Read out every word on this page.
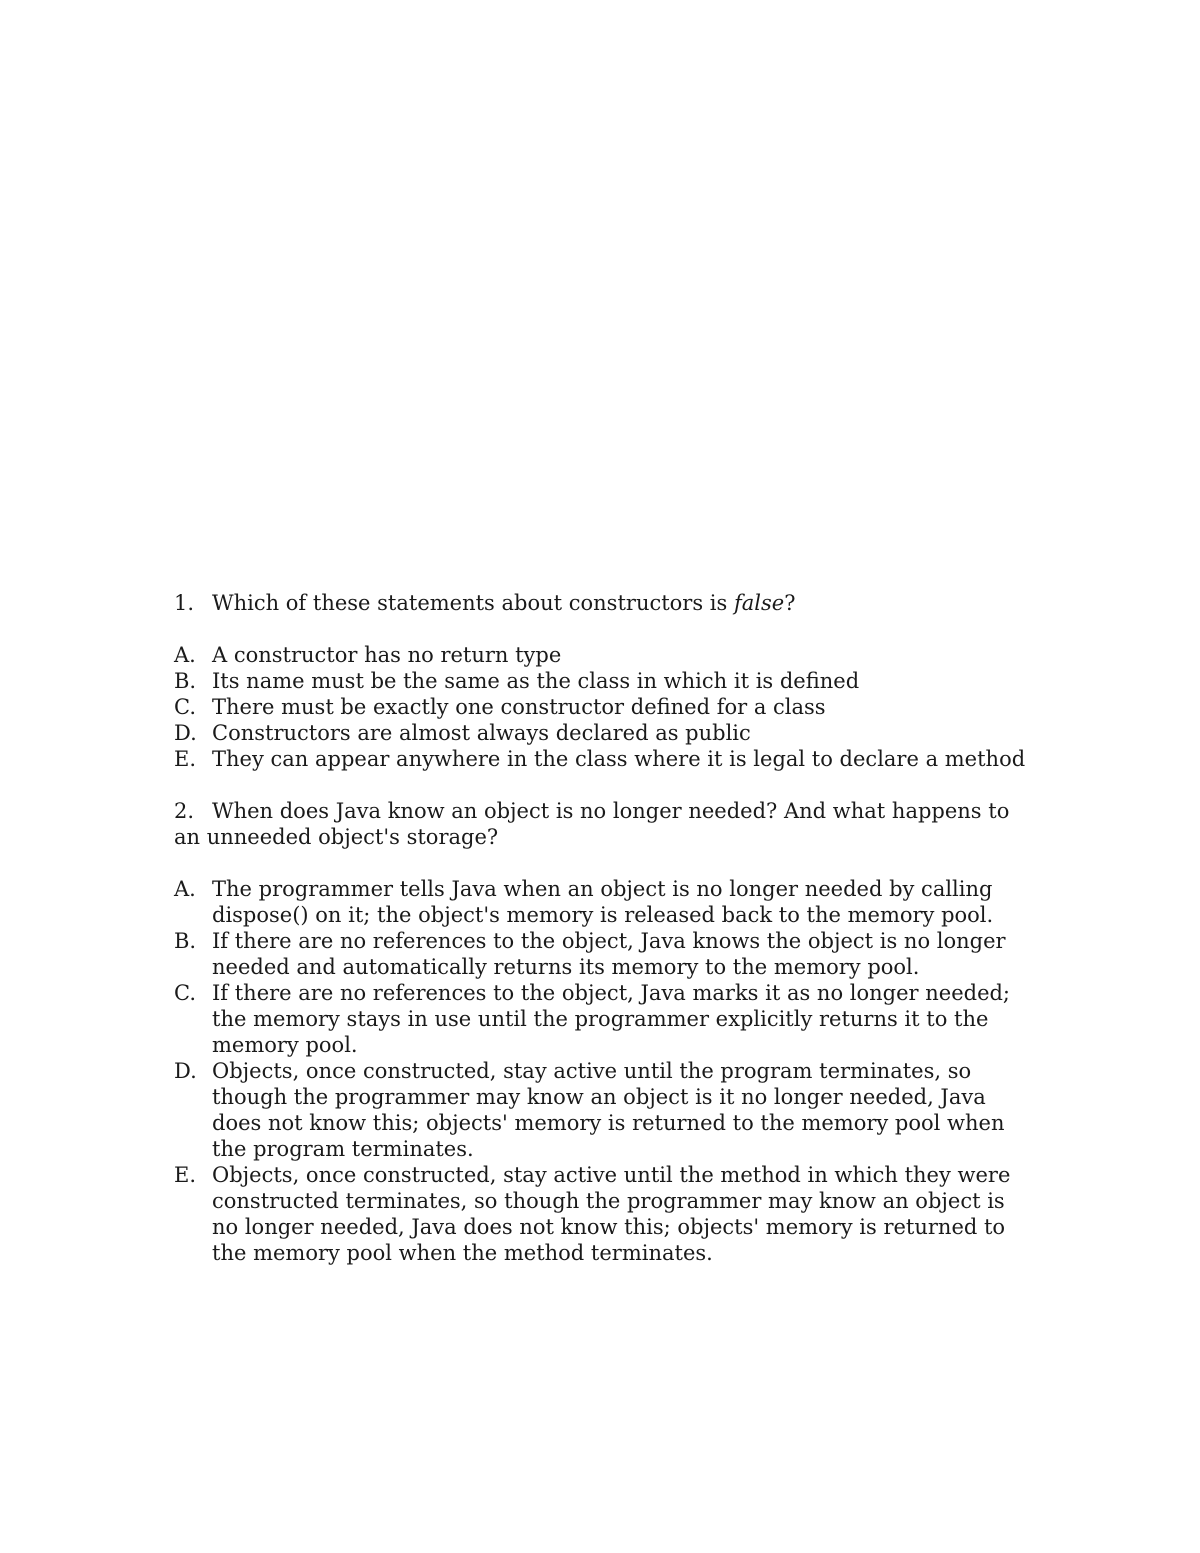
1. Which of these statements about constructors is false?

A. A constructor has no return type
B. Its name must be the same as the class in which it is defined
C. There must be exactly one constructor defined for a class
D. Constructors are almost always declared as public
E. They can appear anywhere in the class where it is legal to declare a method

2. When does Java know an object is no longer needed? And what happens to an unneeded object's storage?

A. The programmer tells Java when an object is no longer needed by calling dispose() on it; the object's memory is released back to the memory pool.
B. If there are no references to the object, Java knows the object is no longer needed and automatically returns its memory to the memory pool.
C. If there are no references to the object, Java marks it as no longer needed; the memory stays in use until the programmer explicitly returns it to the memory pool.
D. Objects, once constructed, stay active until the program terminates, so though the programmer may know an object is it no longer needed, Java does not know this; objects' memory is returned to the memory pool when the program terminates.
E. Objects, once constructed, stay active until the method in which they were constructed terminates, so though the programmer may know an object is no longer needed, Java does not know this; objects' memory is returned to the memory pool when the method terminates.
